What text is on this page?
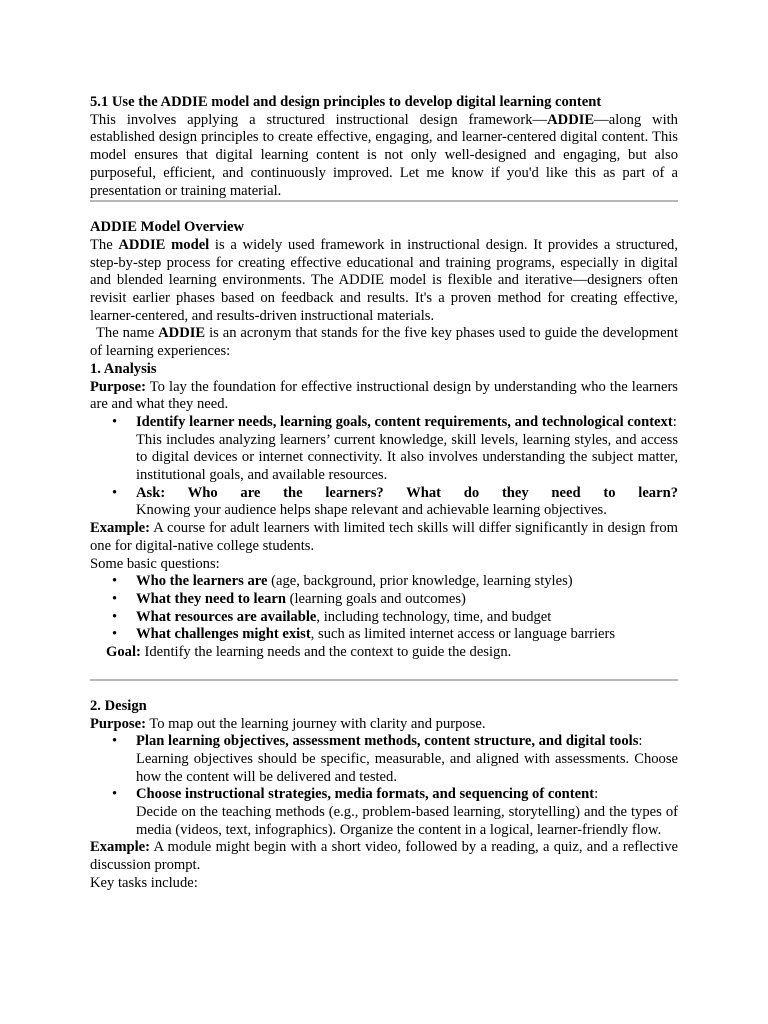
5.1 Use the ADDIE model and design principles to develop digital learning content

This involves applying a structured instructional design framework—ADDIE—along with established design principles to create effective, engaging, and learner-centered digital content. This model ensures that digital learning content is not only well-designed and engaging, but also purposeful, efficient, and continuously improved. Let me know if you'd like this as part of a presentation or training material.

ADDIE Model Overview

The ADDIE model is a widely used framework in instructional design. It provides a structured, step-by-step process for creating effective educational and training programs, especially in digital and blended learning environments. The ADDIE model is flexible and iterative—designers often revisit earlier phases based on feedback and results. It's a proven method for creating effective, learner-centered, and results-driven instructional materials.

The name ADDIE is an acronym that stands for the five key phases used to guide the development of learning experiences:

1. Analysis

Purpose: To lay the foundation for effective instructional design by understanding who the learners are and what they need.

• Identify learner needs, learning goals, content requirements, and technological context:
This includes analyzing learners’ current knowledge, skill levels, learning styles, and access to digital devices or internet connectivity. It also involves understanding the subject matter, institutional goals, and available resources.
• Ask: Who are the learners? What do they need to learn?
Knowing your audience helps shape relevant and achievable learning objectives.

Example: A course for adult learners with limited tech skills will differ significantly in design from one for digital-native college students.

Some basic questions:

• Who the learners are (age, background, prior knowledge, learning styles)
• What they need to learn (learning goals and outcomes)
• What resources are available, including technology, time, and budget
• What challenges might exist, such as limited internet access or language barriers

Goal: Identify the learning needs and the context to guide the design.

2. Design

Purpose: To map out the learning journey with clarity and purpose.

• Plan learning objectives, assessment methods, content structure, and digital tools:
Learning objectives should be specific, measurable, and aligned with assessments. Choose how the content will be delivered and tested.
• Choose instructional strategies, media formats, and sequencing of content:
Decide on the teaching methods (e.g., problem-based learning, storytelling) and the types of media (videos, text, infographics). Organize the content in a logical, learner-friendly flow.

Example: A module might begin with a short video, followed by a reading, a quiz, and a reflective discussion prompt.

Key tasks include:
